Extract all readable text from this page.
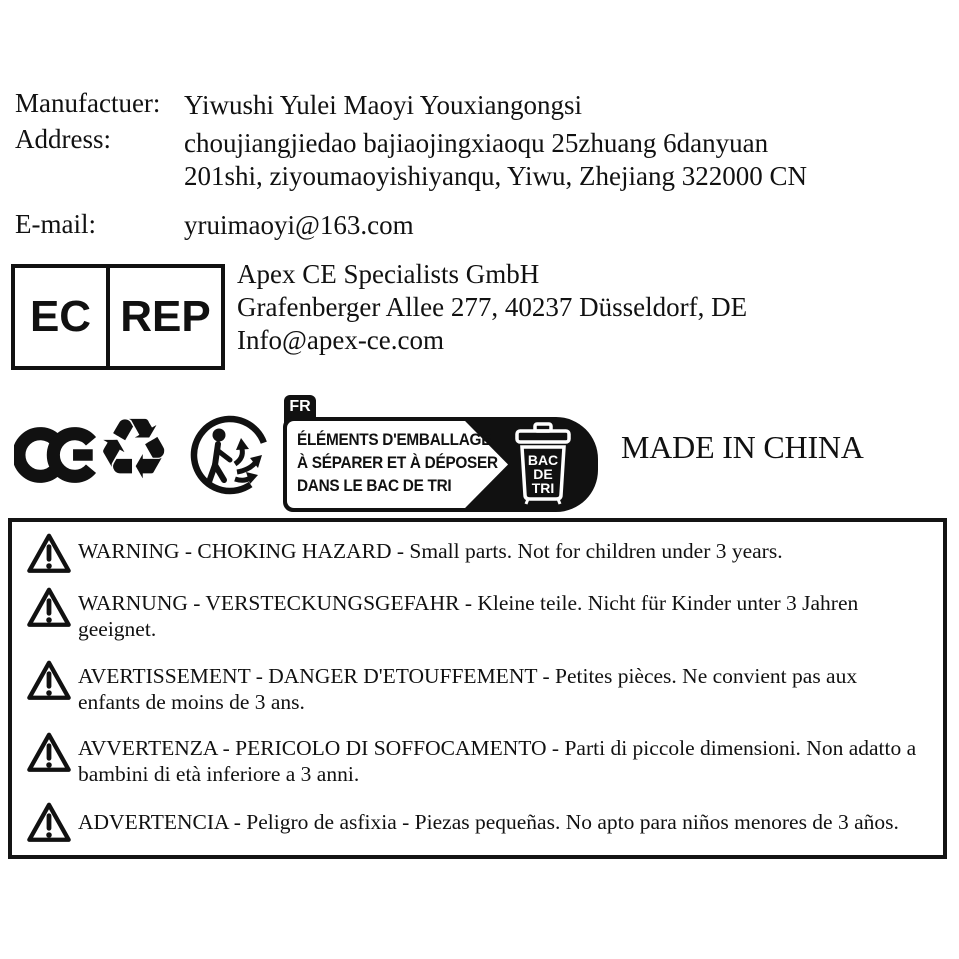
Manufactuer: Yiwushi Yulei Maoyi Youxiangongsi
Address:	choujiangjiedao bajiaojingxiaoqu 25zhuang 6danyuan
201shi, ziyoumaoyishiyanqu, Yiwu, Zhejiang 322000 CN
E-mail:	yruimaoyi@163.com
EC REP
Apex CE Specialists GmbH
Grafenberger Allee 277, 40237 Düsseldorf, DE
Info@apex-ce.com
♻	FR
ÉLÉMENTS D'EMBALLAGE
À SÉPARER ET À DÉPOSER
DANS LE BAC DE TRI
BAC
DE
TRI
MADE IN CHINA
WARNING - CHOKING HAZARD - Small parts. Not for children under 3 years.
WARNUNG - VERSTECKUNGSGEFAHR - Kleine teile. Nicht für Kinder unter 3 Jahren geeignet.
AVERTISSEMENT - DANGER D'ETOUFFEMENT - Petites pièces. Ne convient pas aux enfants de moins de 3 ans.
AVVERTENZA - PERICOLO DI SOFFOCAMENTO - Parti di piccole dimensioni. Non adatto a bambini di età inferiore a 3 anni.
ADVERTENCIA - Peligro de asfixia - Piezas pequeñas. No apto para niños menores de 3 años.
